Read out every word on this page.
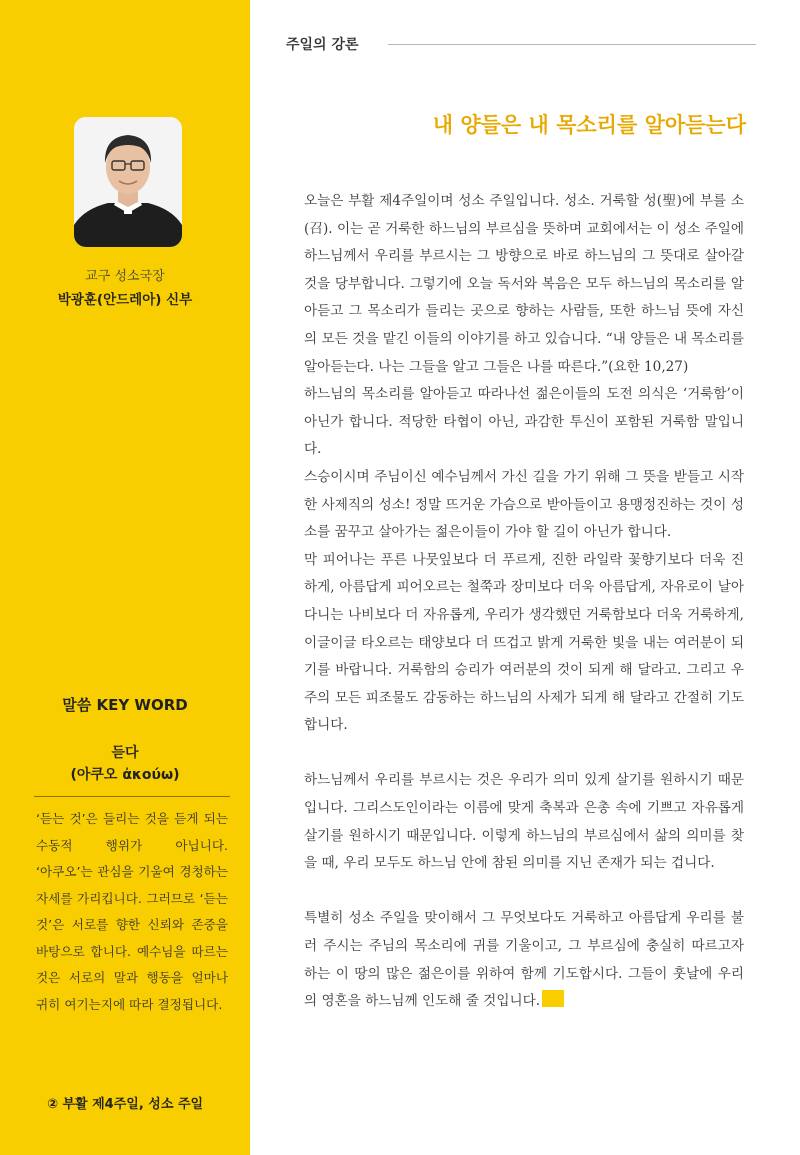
교구 성소국장
박광훈(안드레아) 신부
말씀 KEY WORD
듣다
(아쿠오 ἀκούω)
‘듣는 것’은 들리는 것을 듣게 되는 수동적 행위가 아닙니다. ‘아쿠오’는 관심을 기울여 경청하는 자세를 가리킵니다. 그러므로 ‘듣는 것’은 서로를 향한 신뢰와 존중을 바탕으로 합니다. 예수님을 따르는 것은 서로의 말과 행동을 얼마나 귀히 여기는지에 따라 결정됩니다.
② 부활 제4주일, 성소 주일
주일의 강론
내 양들은 내 목소리를 알아듣는다

오늘은 부활 제4주일이며 성소 주일입니다. 성소. 거룩할 성(聖)에 부를 소(召). 이는 곧 거룩한 하느님의 부르심을 뜻하며 교회에서는 이 성소 주일에 하느님께서 우리를 부르시는 그 방향으로 바로 하느님의 그 뜻대로 살아갈 것을 당부합니다. 그렇기에 오늘 독서와 복음은 모두 하느님의 목소리를 알아듣고 그 목소리가 들리는 곳으로 향하는 사람들, 또한 하느님 뜻에 자신의 모든 것을 맡긴 이들의 이야기를 하고 있습니다. “내 양들은 내 목소리를 알아듣는다. 나는 그들을 알고 그들은 나를 따른다.”(요한 10,27)

하느님의 목소리를 알아듣고 따라나선 젊은이들의 도전 의식은 ‘거룩함’이 아닌가 합니다. 적당한 타협이 아닌, 과감한 투신이 포함된 거룩함 말입니다.

스승이시며 주님이신 예수님께서 가신 길을 가기 위해 그 뜻을 받들고 시작한 사제직의 성소! 정말 뜨거운 가슴으로 받아들이고 용맹정진하는 것이 성소를 꿈꾸고 살아가는 젊은이들이 가야 할 길이 아닌가 합니다.

막 피어나는 푸른 나뭇잎보다 더 푸르게, 진한 라일락 꽃향기보다 더욱 진하게, 아름답게 피어오르는 철쭉과 장미보다 더욱 아름답게, 자유로이 날아다니는 나비보다 더 자유롭게, 우리가 생각했던 거룩함보다 더욱 거룩하게, 이글이글 타오르는 태양보다 더 뜨겁고 밝게 거룩한 빛을 내는 여러분이 되기를 바랍니다. 거룩함의 승리가 여러분의 것이 되게 해 달라고. 그리고 우주의 모든 피조물도 감동하는 하느님의 사제가 되게 해 달라고 간절히 기도합니다.

하느님께서 우리를 부르시는 것은 우리가 의미 있게 살기를 원하시기 때문입니다. 그리스도인이라는 이름에 맞게 축복과 은총 속에 기쁘고 자유롭게 살기를 원하시기 때문입니다. 이렇게 하느님의 부르심에서 삶의 의미를 찾을 때, 우리 모두도 하느님 안에 참된 의미를 지닌 존재가 되는 겁니다.

특별히 성소 주일을 맞이해서 그 무엇보다도 거룩하고 아름답게 우리를 불러 주시는 주님의 목소리에 귀를 기울이고, 그 부르심에 충실히 따르고자 하는 이 땅의 많은 젊은이를 위하여 함께 기도합시다. 그들이 훗날에 우리의 영혼을 하느님께 인도해 줄 것입니다.
